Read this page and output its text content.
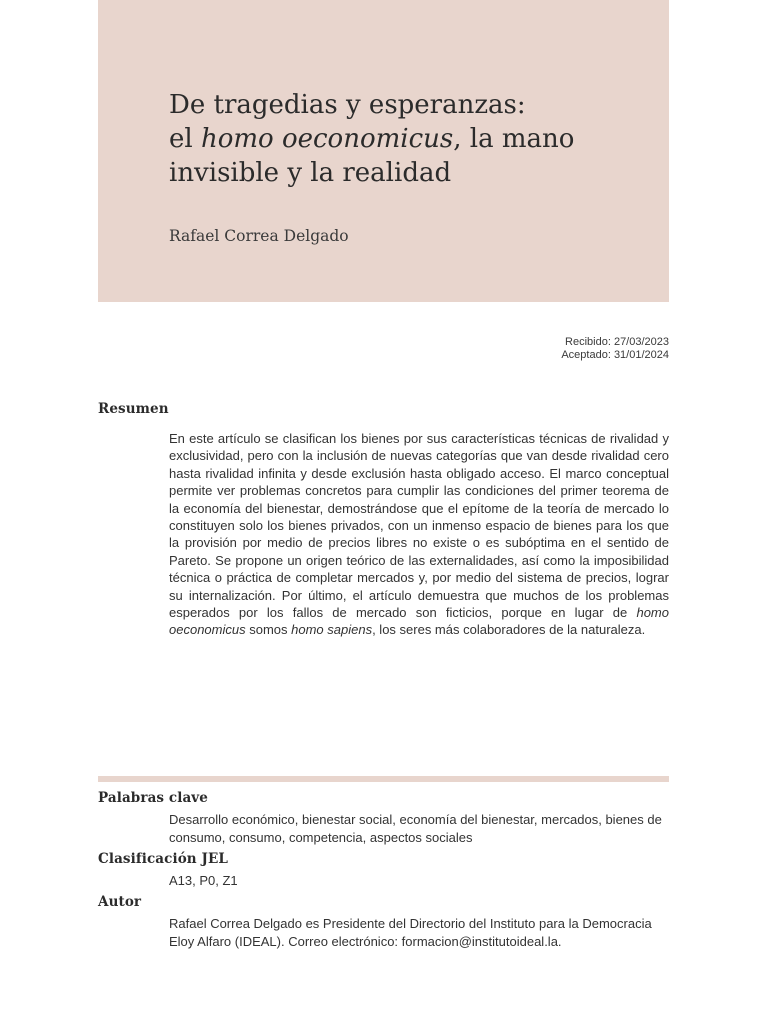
De tragedias y esperanzas:
el homo oeconomicus, la mano
invisible y la realidad

Rafael Correa Delgado

Recibido: 27/03/2023
Aceptado: 31/01/2024
Resumen

En este artículo se clasifican los bienes por sus características técnicas de rivalidad y exclusividad, pero con la inclusión de nuevas categorías que van desde rivalidad cero hasta rivalidad infinita y desde exclusión hasta obligado acceso. El marco conceptual permite ver problemas concretos para cumplir las condiciones del primer teorema de la economía del bienestar, demostrándose que el epítome de la teoría de mercado lo constituyen solo los bienes privados, con un inmenso espacio de bienes para los que la provisión por medio de precios libres no existe o es subóptima en el sentido de Pareto. Se propone un origen teórico de las externalidades, así como la imposibilidad técnica o práctica de completar mercados y, por medio del sistema de precios, lograr su internalización. Por último, el artículo demuestra que muchos de los problemas esperados por los fallos de mercado son ficticios, porque en lugar de homo oeconomicus somos homo sapiens, los seres más colaboradores de la naturaleza.

Palabras clave

Desarrollo económico, bienestar social, economía del bienestar, mercados, bienes de consumo, consumo, competencia, aspectos sociales

Clasificación JEL

A13, P0, Z1

Autor

Rafael Correa Delgado es Presidente del Directorio del Instituto para la Democracia Eloy Alfaro (IDEAL). Correo electrónico: formacion@institutoideal.la.
